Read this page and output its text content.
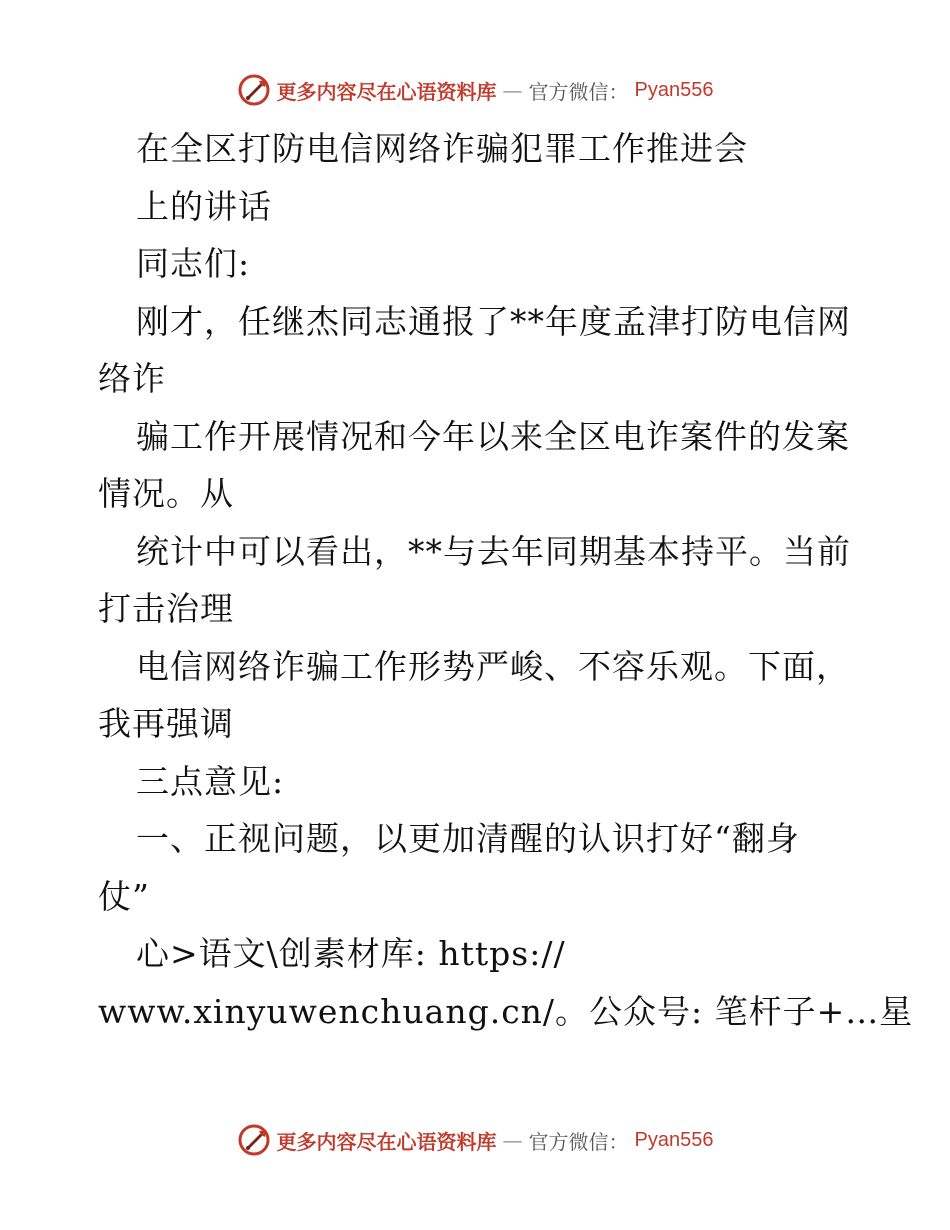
更多内容尽在心语资料库 — 官方微信： Pyan556
在全区打防电信网络诈骗犯罪工作推进会
上的讲话
同志们:
刚才，任继杰同志通报了**年度孟津打防电信网
络诈
骗工作开展情况和今年以来全区电诈案件的发案
情况。从
统计中可以看出，**与去年同期基本持平。当前
打击治理
电信网络诈骗工作形势严峻、不容乐观。下面，
我再强调
三点意见:
一、正视问题，以更加清醒的认识打好“翻身
仗”
心>语文\创素材库: https://
www.xinyuwenchuang.cn/。公众号: 笔杆子+…星
更多内容尽在心语资料库 — 官方微信： Pyan556
